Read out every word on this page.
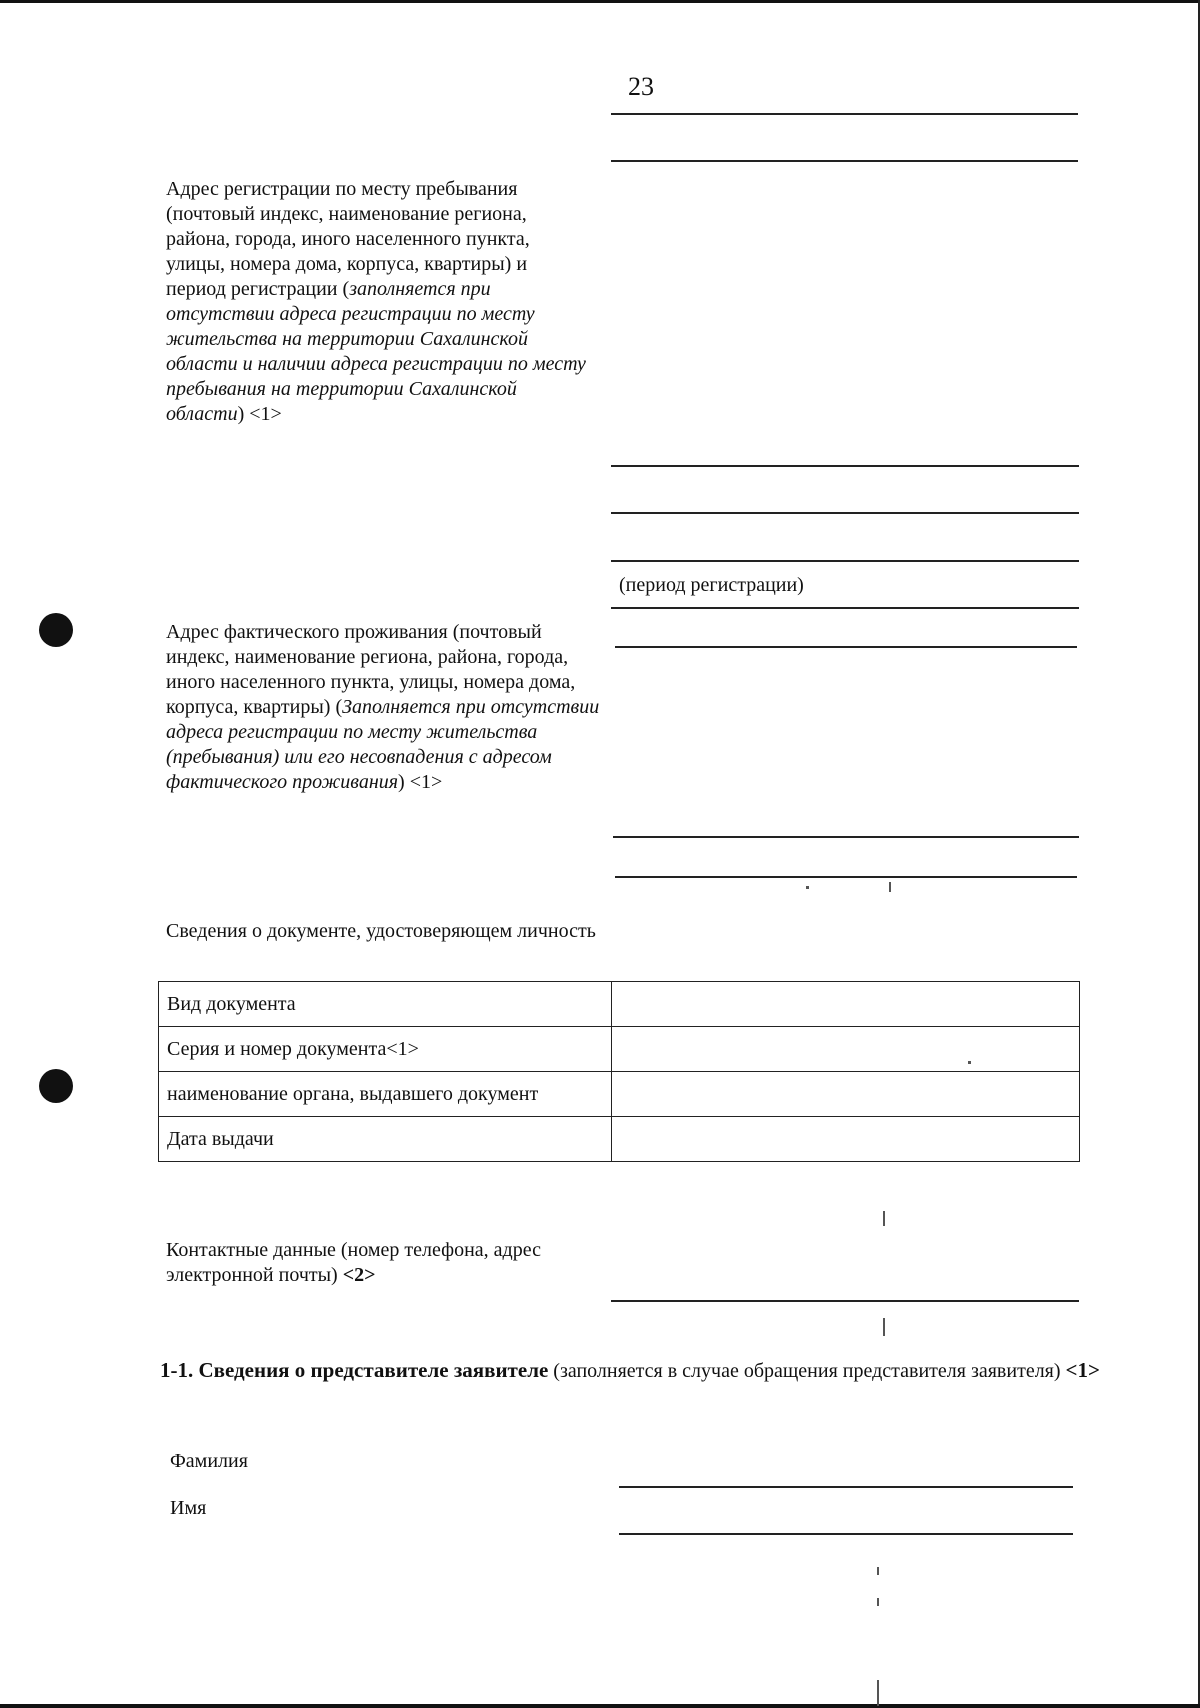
23
Адрес регистрации по месту пребывания (почтовый индекс, наименование региона, района, города, иного населенного пункта, улицы, номера дома, корпуса, квартиры) и период регистрации (заполняется при отсутствии адреса регистрации по месту жительства на территории Сахалинской области и наличии адреса регистрации по месту пребывания на территории Сахалинской области) <1>
(период регистрации)
Адрес фактического проживания (почтовый индекс, наименование региона, района, города, иного населенного пункта, улицы, номера дома, корпуса, квартиры) (Заполняется при отсутствии адреса регистрации по месту жительства (пребывания) или его несовпадения с адресом фактического проживания) <1>
Сведения о документе, удостоверяющем личность
Вид документа	
Серия и номер документа<1>	
наименование органа, выдавшего документ	
Дата выдачи	
Контактные данные (номер телефона, адрес электронной почты) <2>
1-1. Сведения о представителе заявителе (заполняется в случае обращения представителя заявителя) <1>
Фамилия
Имя
